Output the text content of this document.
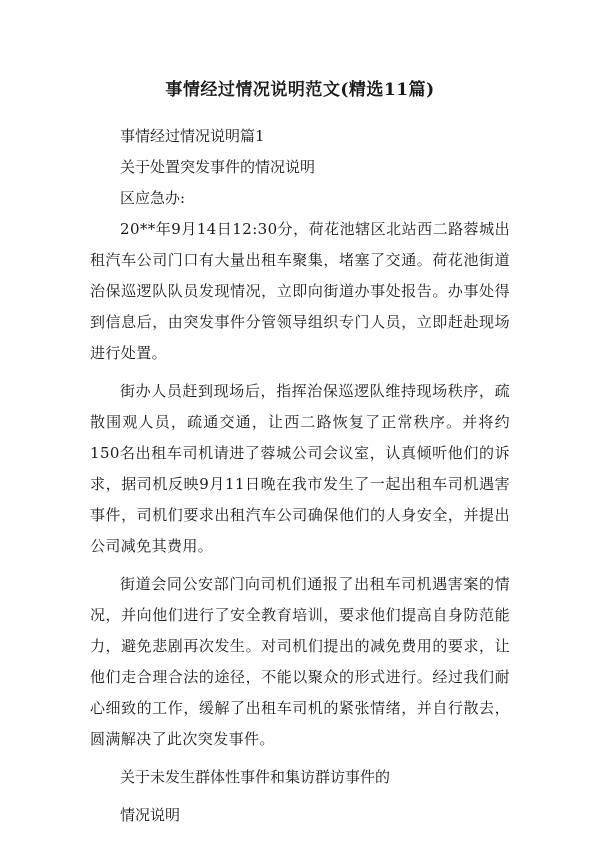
事情经过情况说明范文(精选11篇)

事情经过情况说明篇1

关于处置突发事件的情况说明

区应急办:

20**年9月14日12:30分，荷花池辖区北站西二路蓉城出租汽车公司门口有大量出租车聚集，堵塞了交通。荷花池街道治保巡逻队队员发现情况，立即向街道办事处报告。办事处得到信息后，由突发事件分管领导组织专门人员，立即赶赴现场进行处置。

街办人员赶到现场后，指挥治保巡逻队维持现场秩序，疏散围观人员，疏通交通，让西二路恢复了正常秩序。并将约150名出租车司机请进了蓉城公司会议室，认真倾听他们的诉求，据司机反映9月11日晚在我市发生了一起出租车司机遇害事件，司机们要求出租汽车公司确保他们的人身安全，并提出公司减免其费用。

街道会同公安部门向司机们通报了出租车司机遇害案的情况，并向他们进行了安全教育培训，要求他们提高自身防范能力，避免悲剧再次发生。对司机们提出的减免费用的要求，让他们走合理合法的途径，不能以聚众的形式进行。经过我们耐心细致的工作，缓解了出租车司机的紧张情绪，并自行散去，圆满解决了此次突发事件。

关于未发生群体性事件和集访群访事件的

情况说明
